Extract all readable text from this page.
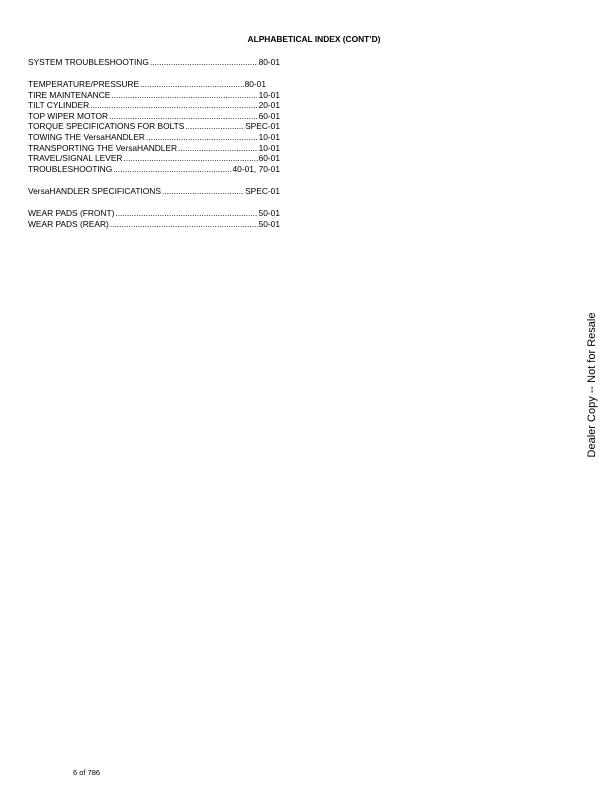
ALPHABETICAL INDEX (CONT’D)
SYSTEM TROUBLESHOOTING .....	80-01
TEMPERATURE/PRESSURE .....	80-01
TIRE MAINTENANCE .....	10-01
TILT CYLINDER .....	20-01
TOP WIPER MOTOR .....	60-01
TORQUE SPECIFICATIONS FOR BOLTS .....	SPEC-01
TOWING THE VersaHANDLER .....	10-01
TRANSPORTING THE VersaHANDLER .....	10-01
TRAVEL/SIGNAL LEVER .....	60-01
TROUBLESHOOTING .....	40-01, 70-01
VersaHANDLER SPECIFICATIONS .....	SPEC-01
WEAR PADS (FRONT) .....	50-01
WEAR PADS (REAR) .....	50-01
Dealer Copy -- Not for Resale
6 of 786
